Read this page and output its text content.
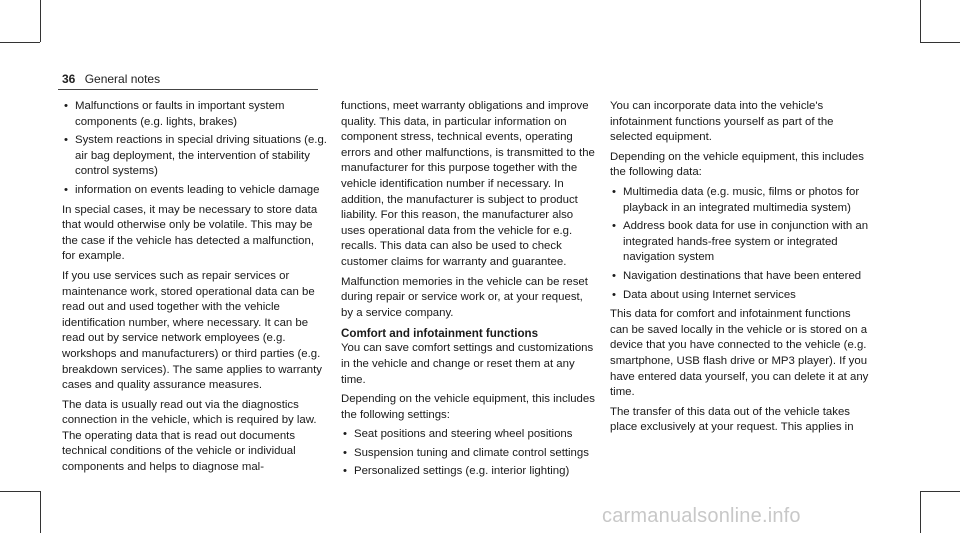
36 General notes
• Malfunctions or faults in important system components (e.g. lights, brakes)
• System reactions in special driving situations (e.g. air bag deployment, the intervention of stability control systems)
• information on events leading to vehicle damage

In special cases, it may be necessary to store data that would otherwise only be volatile. This may be the case if the vehicle has detected a malfunction, for example.

If you use services such as repair services or maintenance work, stored operational data can be read out and used together with the vehicle identification number, where necessary. It can be read out by service network employees (e.g. workshops and manufacturers) or third parties (e.g. breakdown services). The same applies to warranty cases and quality assurance measures.

The data is usually read out via the diagnostics connection in the vehicle, which is required by law. The operating data that is read out documents technical conditions of the vehicle or individual components and helps to diagnose mal-

functions, meet warranty obligations and improve quality. This data, in particular information on component stress, technical events, operating errors and other malfunctions, is transmitted to the manufacturer for this purpose together with the vehicle identification number if necessary. In addition, the manufacturer is subject to product liability. For this reason, the manufacturer also uses operational data from the vehicle for e.g. recalls. This data can also be used to check customer claims for warranty and guarantee.

Malfunction memories in the vehicle can be reset during repair or service work or, at your request, by a service company.

Comfort and infotainment functions

You can save comfort settings and customizations in the vehicle and change or reset them at any time.

Depending on the vehicle equipment, this includes the following settings:

• Seat positions and steering wheel positions
• Suspension tuning and climate control settings
• Personalized settings (e.g. interior lighting)

You can incorporate data into the vehicle's infotainment functions yourself as part of the selected equipment.

Depending on the vehicle equipment, this includes the following data:

• Multimedia data (e.g. music, films or photos for playback in an integrated multimedia system)
• Address book data for use in conjunction with an integrated hands-free system or integrated navigation system
• Navigation destinations that have been entered
• Data about using Internet services

This data for comfort and infotainment functions can be saved locally in the vehicle or is stored on a device that you have connected to the vehicle (e.g. smartphone, USB flash drive or MP3 player). If you have entered data yourself, you can delete it at any time.

The transfer of this data out of the vehicle takes place exclusively at your request. This applies in

carmanualsonline.info
